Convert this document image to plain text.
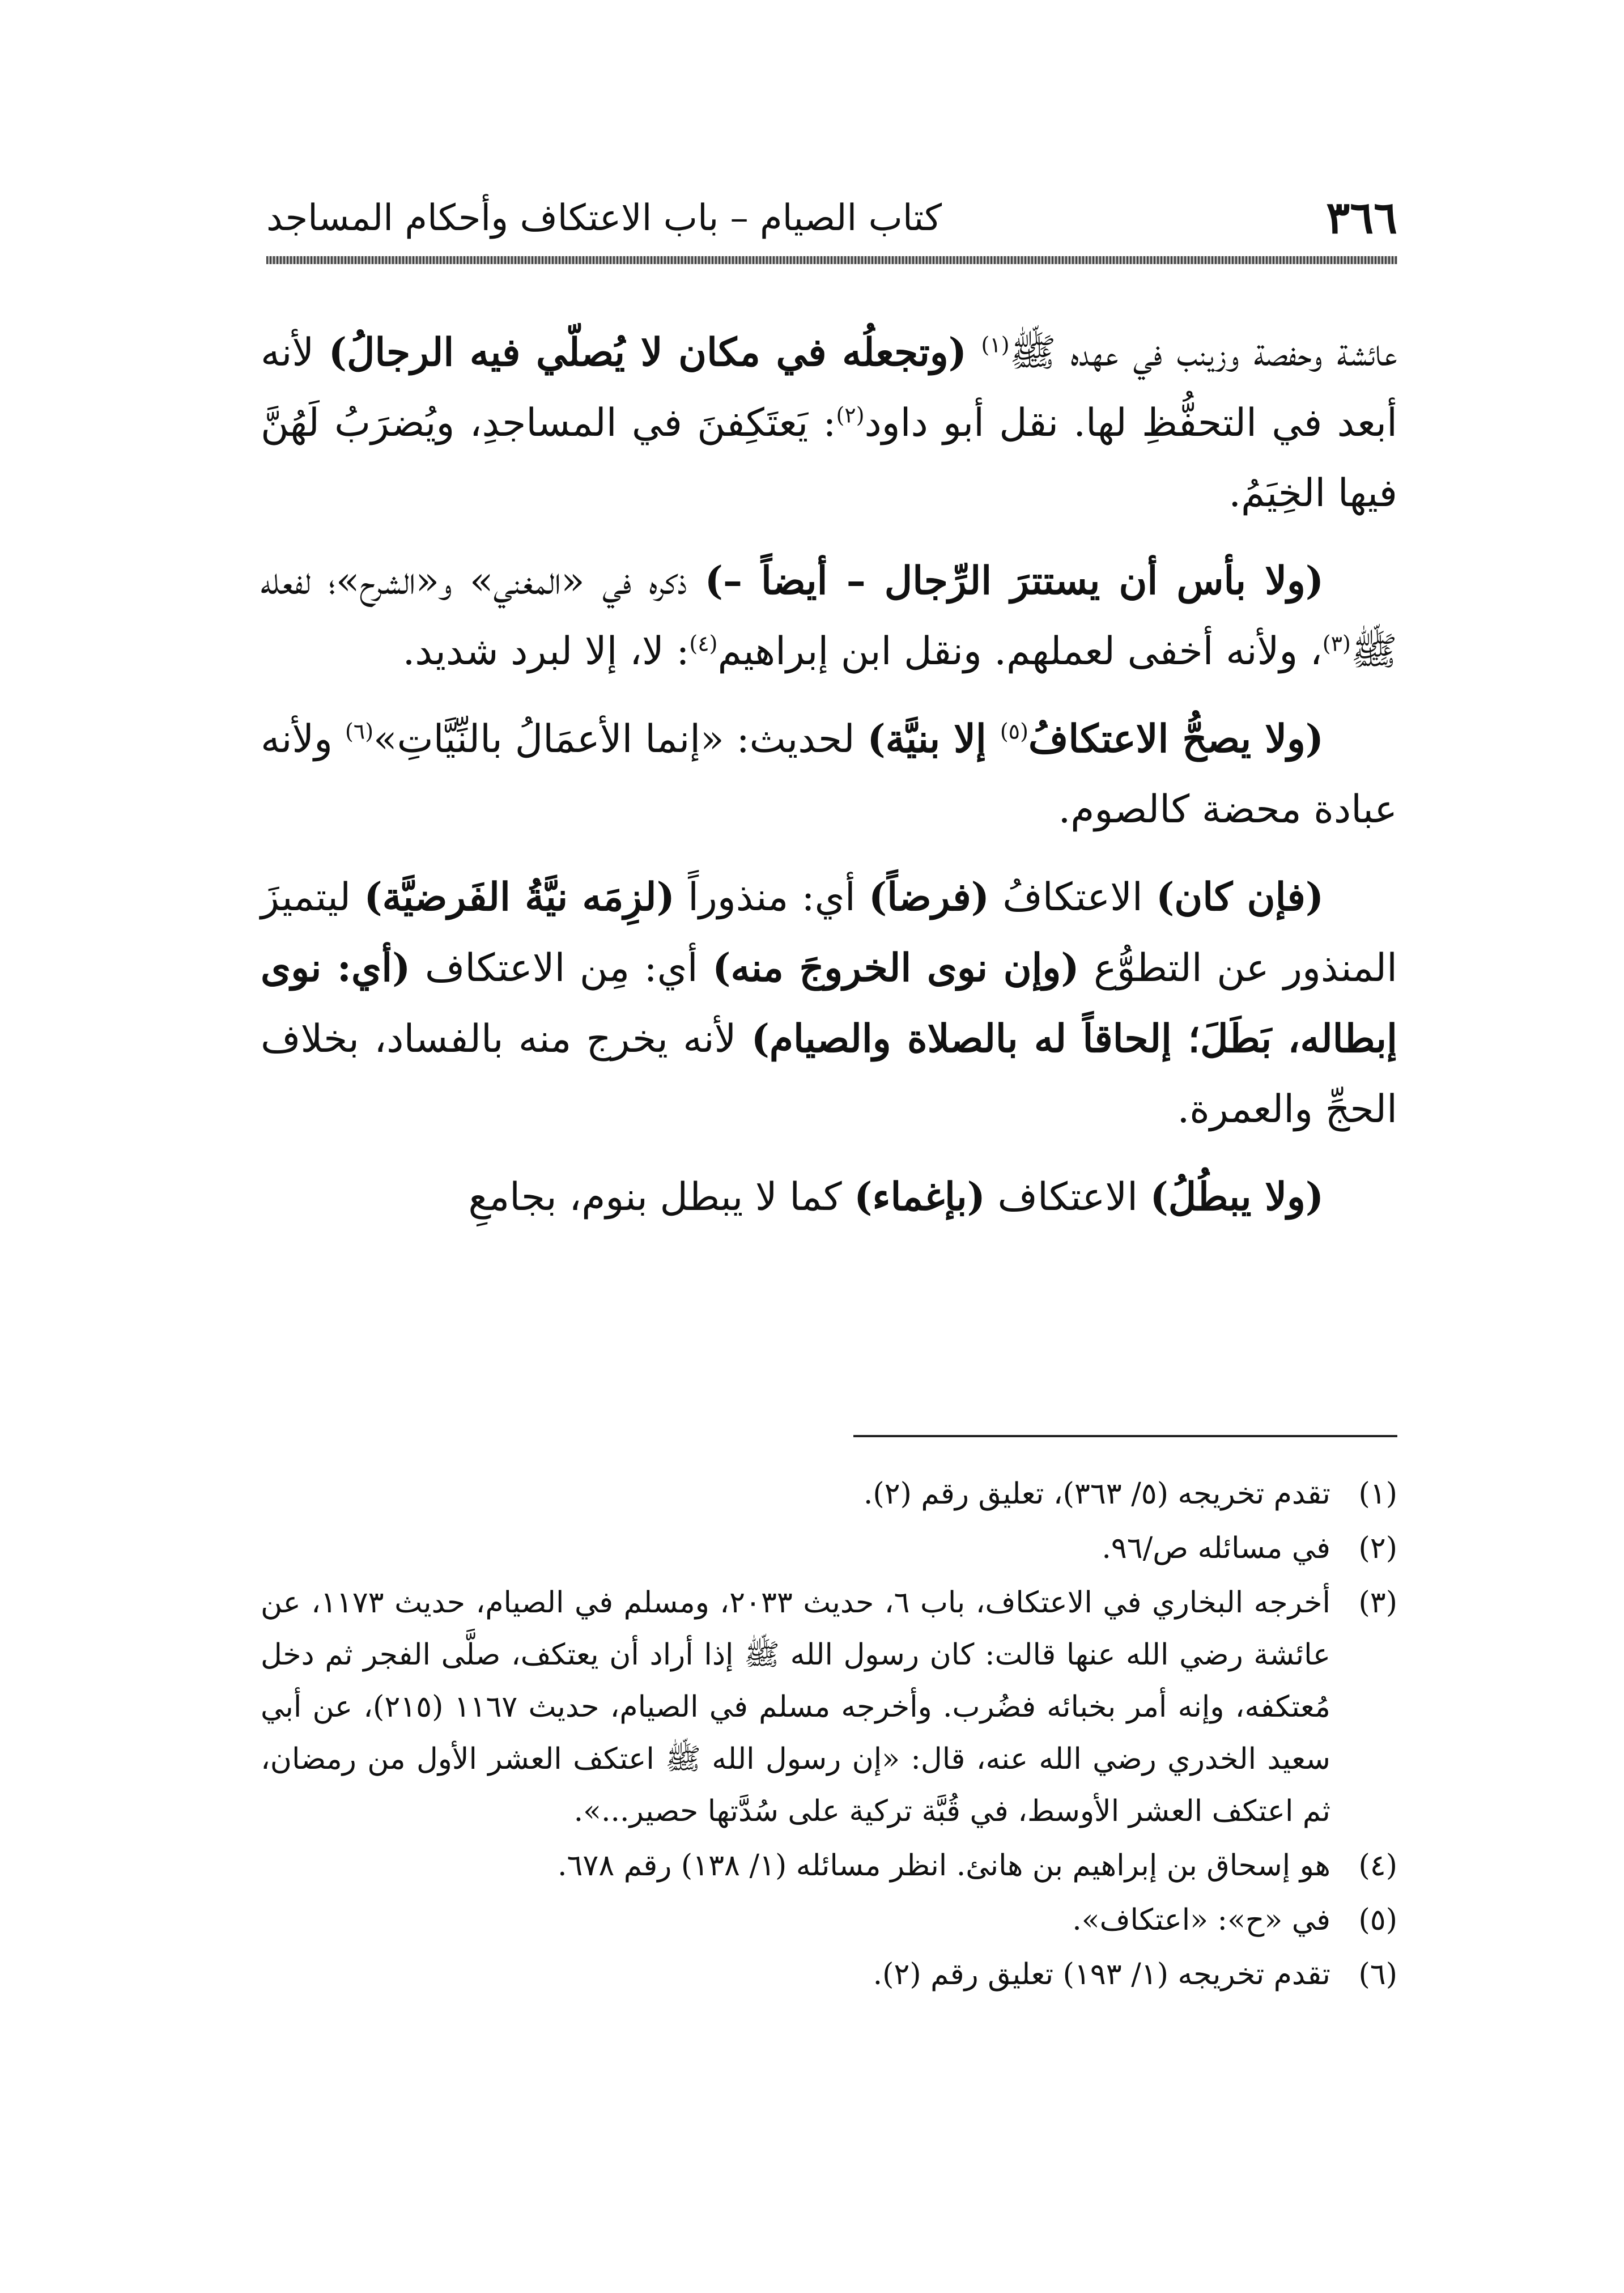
٣٦٦
كتاب الصيام – باب الاعتكاف وأحكام المساجد

عائشة وحفصة وزينب في عهده ﷺ$^{(١)}$ (وتجعلُه في مكان لا يُصلّي فيه الرجالُ) لأنه أبعد في التحفُّظِ لها. نقل أبو داود$^{(٢)}$: يَعتَكِفنَ في المساجدِ، ويُضرَبُ لَهُنَّ فيها الخِيَمُ.

(ولا بأس أن يستترَ الرِّجال – أيضاً –) ذكره في «المغني» و«الشرح»؛ لفعله ﷺ$^{(٣)}$، ولأنه أخفى لعملهم. ونقل ابن إبراهيم$^{(٤)}$: لا، إلا لبرد شديد.

(ولا يصحُّ الاعتكافُ$^{(٥)}$ إلا بنيَّة) لحديث: «إنما الأعمَالُ بالنِّيَّاتِ»$^{(٦)}$ ولأنه عبادة محضة كالصوم.

(فإن كان) الاعتكافُ (فرضاً) أي: منذوراً (لزِمَه نيَّةُ الفَرضيَّة) ليتميزَ المنذور عن التطوُّع (وإن نوى الخروجَ منه) أي: مِن الاعتكاف (أي: نوى إبطاله، بَطَلَ؛ إلحاقاً له بالصلاة والصيام) لأنه يخرج منه بالفساد، بخلاف الحجِّ والعمرة.

(ولا يبطُلُ) الاعتكاف (بإغماء) كما لا يبطل بنوم، بجامعِ

(١)
تقدم تخريجه (٥/ ٣٦٣)، تعليق رقم (٢).
(٢)
في مسائله ص/٩٦.
(٣)
أخرجه البخاري في الاعتكاف، باب ٦، حديث ٢٠٣٣، ومسلم في الصيام، حديث ١١٧٣، عن عائشة رضي الله عنها قالت: كان رسول الله ﷺ إذا أراد أن يعتكف، صلَّى الفجر ثم دخل مُعتكفه، وإنه أمر بخبائه فضُرب. وأخرجه مسلم في الصيام، حديث ١١٦٧ (٢١٥)، عن أبي سعيد الخدري رضي الله عنه، قال: «إن رسول الله ﷺ اعتكف العشر الأول من رمضان، ثم اعتكف العشر الأوسط، في قُبَّة تركية على سُدَّتها حصير...».
(٤)
هو إسحاق بن إبراهيم بن هانئ. انظر مسائله (١/ ١٣٨) رقم ٦٧٨.
(٥)
في «ح»: «اعتكاف».
(٦)
تقدم تخريجه (١/ ١٩٣) تعليق رقم (٢).
